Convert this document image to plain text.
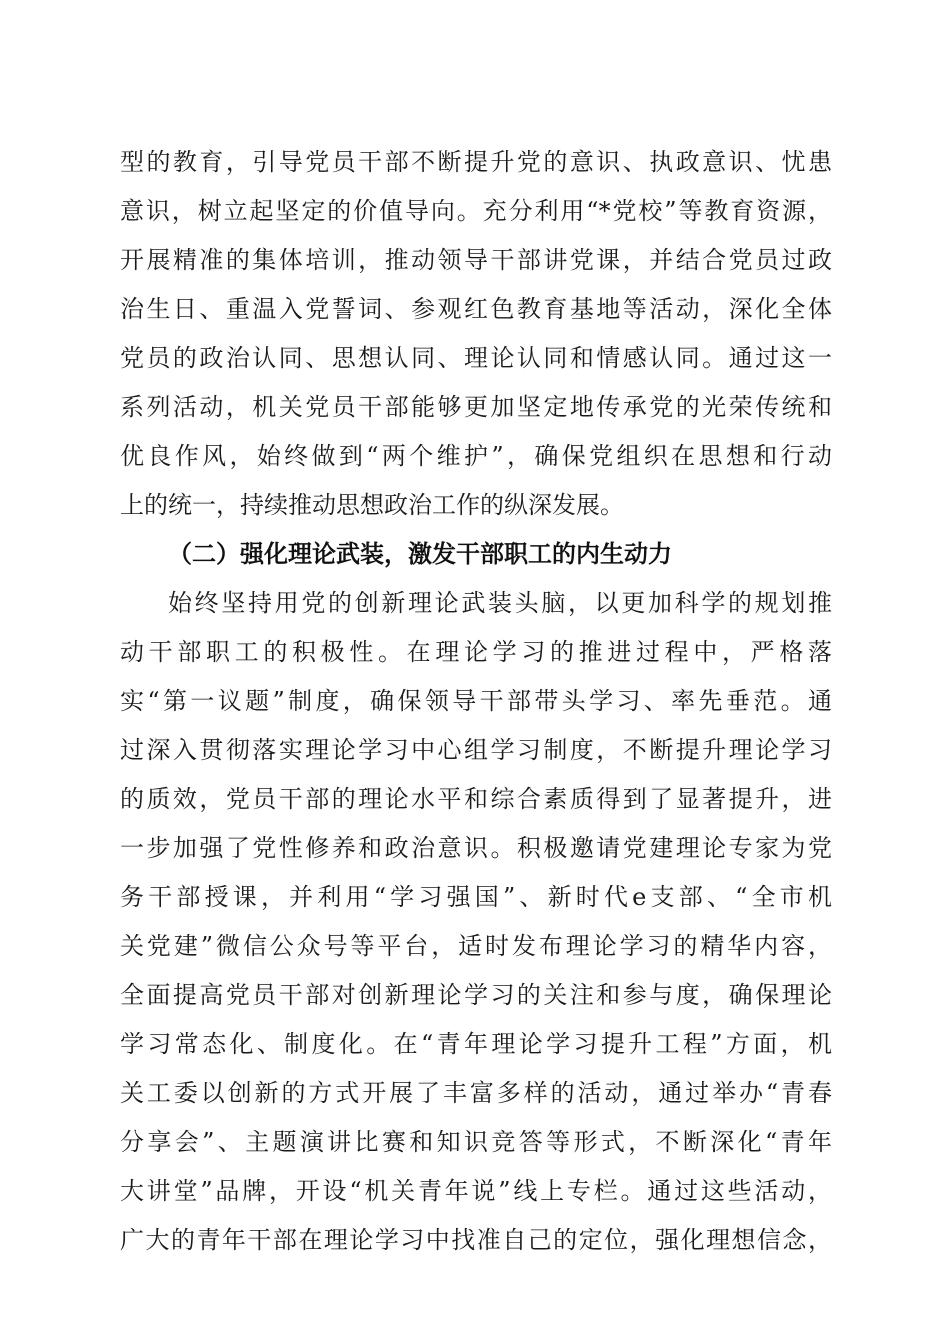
型的教育，引导党员干部不断提升党的意识、执政意识、忧患
意识，树立起坚定的价值导向。充分利用“*党校”等教育资源，
开展精准的集体培训，推动领导干部讲党课，并结合党员过政
治生日、重温入党誓词、参观红色教育基地等活动，深化全体
党员的政治认同、思想认同、理论认同和情感认同。通过这一
系列活动，机关党员干部能够更加坚定地传承党的光荣传统和
优良作风，始终做到“两个维护”，确保党组织在思想和行动
上的统一，持续推动思想政治工作的纵深发展。
（二）强化理论武装，激发干部职工的内生动力
始终坚持用党的创新理论武装头脑，以更加科学的规划推
动干部职工的积极性。在理论学习的推进过程中，严格落
实“第一议题”制度，确保领导干部带头学习、率先垂范。通
过深入贯彻落实理论学习中心组学习制度，不断提升理论学习
的质效，党员干部的理论水平和综合素质得到了显著提升，进
一步加强了党性修养和政治意识。积极邀请党建理论专家为党
务干部授课，并利用“学习强国”、新时代e支部、“全市机
关党建”微信公众号等平台，适时发布理论学习的精华内容，
全面提高党员干部对创新理论学习的关注和参与度，确保理论
学习常态化、制度化。在“青年理论学习提升工程”方面，机
关工委以创新的方式开展了丰富多样的活动，通过举办“青春
分享会”、主题演讲比赛和知识竞答等形式，不断深化“青年
大讲堂”品牌，开设“机关青年说”线上专栏。通过这些活动，
广大的青年干部在理论学习中找准自己的定位，强化理想信念，
